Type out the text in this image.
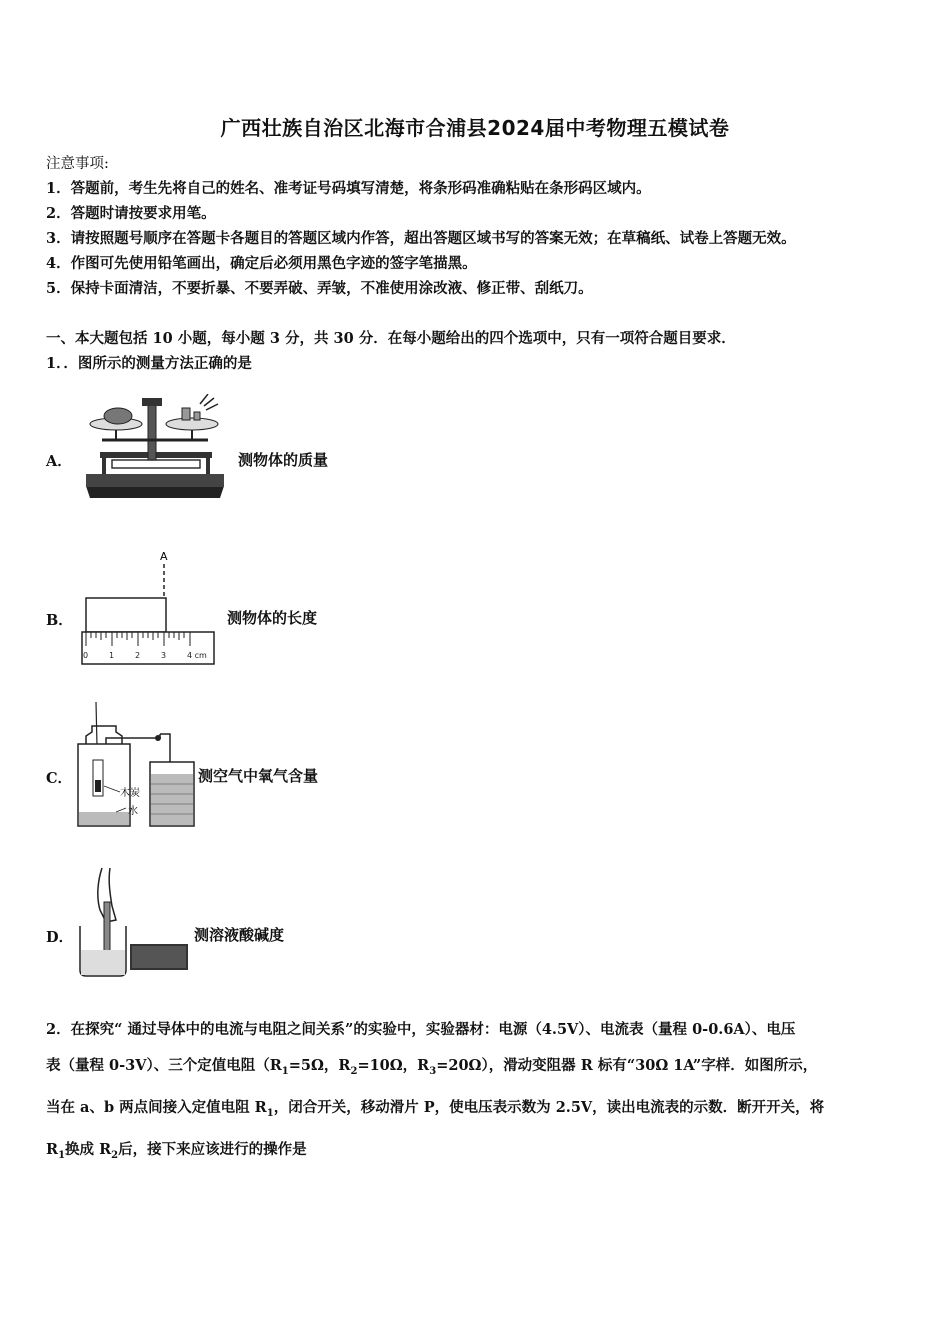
广西壮族自治区北海市合浦县2024届中考物理五模试卷
注意事项:
1．答题前，考生先将自己的姓名、准考证号码填写清楚，将条形码准确粘贴在条形码区域内。
2．答题时请按要求用笔。
3．请按照题号顺序在答题卡各题目的答题区域内作答，超出答题区域书写的答案无效；在草稿纸、试卷上答题无效。
4．作图可先使用铅笔画出，确定后必须用黑色字迹的签字笔描黑。
5．保持卡面清洁，不要折暴、不要弄破、弄皱，不准使用涂改液、修正带、刮纸刀。
一、本大题包括 10 小题，每小题 3 分，共 30 分．在每小题给出的四个选项中，只有一项符合题目要求．
1．．图所示的测量方法正确的是
A．	测物体的质量
B．
A
0	1	2	3	4 cm
测物体的长度
C．
木炭
水
测空气中氧气含量
D．	测溶液酸碱度
2．在探究“ 通过导体中的电流与电阻之间关系”的实验中，实验器材：电源（4.5V）、电流表（量程 0-0.6A）、电压
表（量程 0-3V）、三个定值电阻（$R_1=5\Omega$，$R_2=10\Omega$，$R_3=20\Omega$），滑动变阻器 R 标有“30Ω 1A”字样．如图所示，
当在 a、b 两点间接入定值电阻 $R_1$，闭合开关，移动滑片 P，使电压表示数为 2.5V，读出电流表的示数．断开开关，将
$R_1$换成 $R_2$后，接下来应该进行的操作是
